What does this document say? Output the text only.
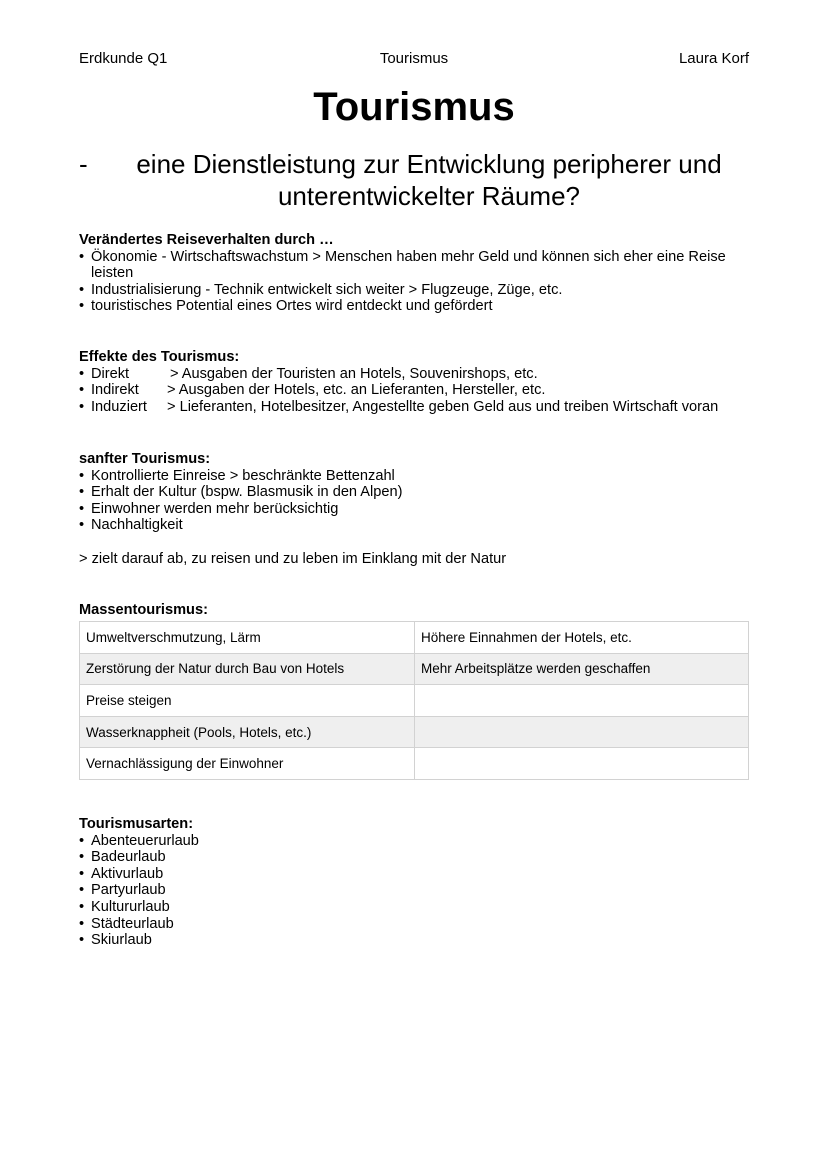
Erdkunde Q1	Tourismus	Laura Korf
Tourismus
-	eine Dienstleistung zur Entwicklung peripherer und
unterentwickelter Räume?
Verändertes Reiseverhalten durch …
• Ökonomie - Wirtschaftswachstum > Menschen haben mehr Geld und können sich eher eine Reise leisten
• Industrialisierung - Technik entwickelt sich weiter > Flugzeuge, Züge, etc.
• touristisches Potential eines Ortes wird entdeckt und gefördert
Effekte des Tourismus:
• Direkt	> Ausgaben der Touristen an Hotels, Souvenirshops, etc.
• Indirekt > Ausgaben der Hotels, etc. an Lieferanten, Hersteller, etc.
• Induziert > Lieferanten, Hotelbesitzer, Angestellte geben Geld aus und treiben Wirtschaft voran
sanfter Tourismus:
• Kontrollierte Einreise > beschränkte Bettenzahl
• Erhalt der Kultur (bspw. Blasmusik in den Alpen)
• Einwohner werden mehr berücksichtig
• Nachhaltigkeit
> zielt darauf ab, zu reisen und zu leben im Einklang mit der Natur
Massentourismus:
Umweltverschmutzung, Lärm	Höhere Einnahmen der Hotels, etc.
Zerstörung der Natur durch Bau von Hotels	Mehr Arbeitsplätze werden geschaffen
Preise steigen	
Wasserknappheit (Pools, Hotels, etc.)	
Vernachlässigung der Einwohner	
Tourismusarten:
• Abenteuerurlaub
• Badeurlaub
• Aktivurlaub
• Partyurlaub
• Kultururlaub
• Städteurlaub
• Skiurlaub
